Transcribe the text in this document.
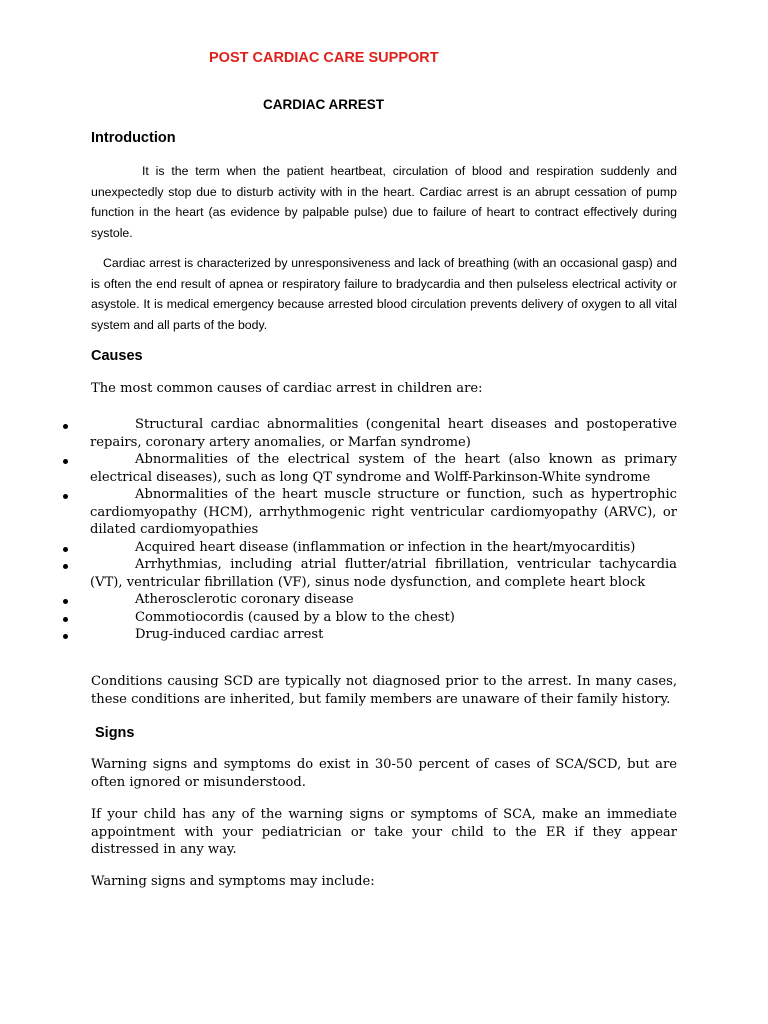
POST CARDIAC CARE SUPPORT
CARDIAC ARREST
Introduction

It is the term when the patient heartbeat, circulation of blood and respiration suddenly and unexpectedly stop due to disturb activity with in the heart. Cardiac arrest is an abrupt cessation of pump function in the heart (as evidence by palpable pulse) due to failure of heart to contract effectively during systole.

Cardiac arrest is characterized by unresponsiveness and lack of breathing (with an occasional gasp) and is often the end result of apnea or respiratory failure to bradycardia and then pulseless electrical activity or asystole. It is medical emergency because arrested blood circulation prevents delivery of oxygen to all vital system and all parts of the body.

Causes

The most common causes of cardiac arrest in children are:

Structural cardiac abnormalities (congenital heart diseases and postoperative repairs, coronary artery anomalies, or Marfan syndrome)
Abnormalities of the electrical system of the heart (also known as primary electrical diseases), such as long QT syndrome and Wolff-Parkinson-White syndrome
Abnormalities of the heart muscle structure or function, such as hypertrophic cardiomyopathy (HCM), arrhythmogenic right ventricular cardiomyopathy (ARVC), or dilated cardiomyopathies
Acquired heart disease (inflammation or infection in the heart/myocarditis)
Arrhythmias, including atrial flutter/atrial fibrillation, ventricular tachycardia (VT), ventricular fibrillation (VF), sinus node dysfunction, and complete heart block
Atherosclerotic coronary disease
Commotiocordis (caused by a blow to the chest)
Drug-induced cardiac arrest

Conditions causing SCD are typically not diagnosed prior to the arrest. In many cases, these conditions are inherited, but family members are unaware of their family history.

Signs

Warning signs and symptoms do exist in 30-50 percent of cases of SCA/SCD, but are often ignored or misunderstood.

If your child has any of the warning signs or symptoms of SCA, make an immediate appointment with your pediatrician or take your child to the ER if they appear distressed in any way.

Warning signs and symptoms may include:
